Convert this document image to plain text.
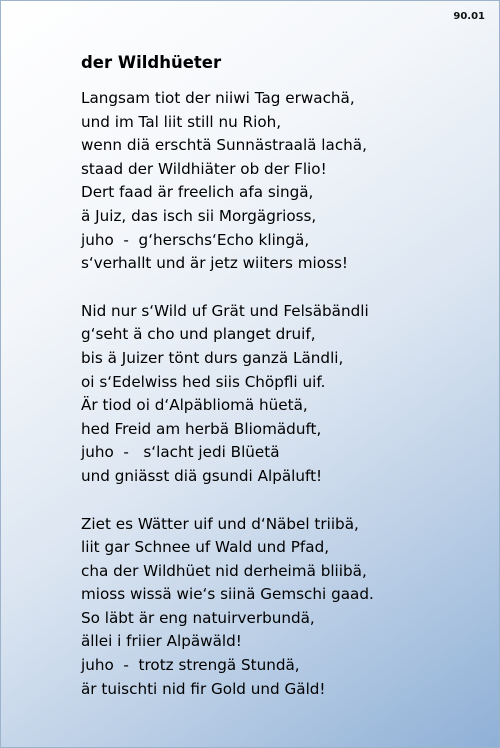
90.01
der Wildhüeter
Langsam tiot der niiwi Tag erwachä,
und im Tal liit still nu Rioh,
wenn diä erschtä Sunnästraalä lachä,
staad der Wildhiäter ob der Flio!
Dert faad är freelich afa singä,
ä Juiz, das isch sii Morgägrioss,
juho  -  g‘herschs‘Echo klingä,
s‘verhallt und är jetz wiiters mioss!
Nid nur s‘Wild uf Grät und Felsäbändli
g‘seht ä cho und planget druif,
bis ä Juizer tönt durs ganzä Ländli,
oi s‘Edelwiss hed siis Chöpfli uif.
Är tiod oi d‘Alpäbliomä hüetä,
hed Freid am herbä Bliomäduft,
juho  -   s‘lacht jedi Blüetä
und gniässt diä gsundi Alpäluft!
Ziet es Wätter uif und d‘Näbel triibä,
liit gar Schnee uf Wald und Pfad,
cha der Wildhüet nid derheimä bliibä,
mioss wissä wie‘s siinä Gemschi gaad.
So läbt är eng natuirverbundä,
ällei i friier Alpäwäld!
juho  -  trotz strengä Stundä,
är tuischti nid fir Gold und Gäld!
